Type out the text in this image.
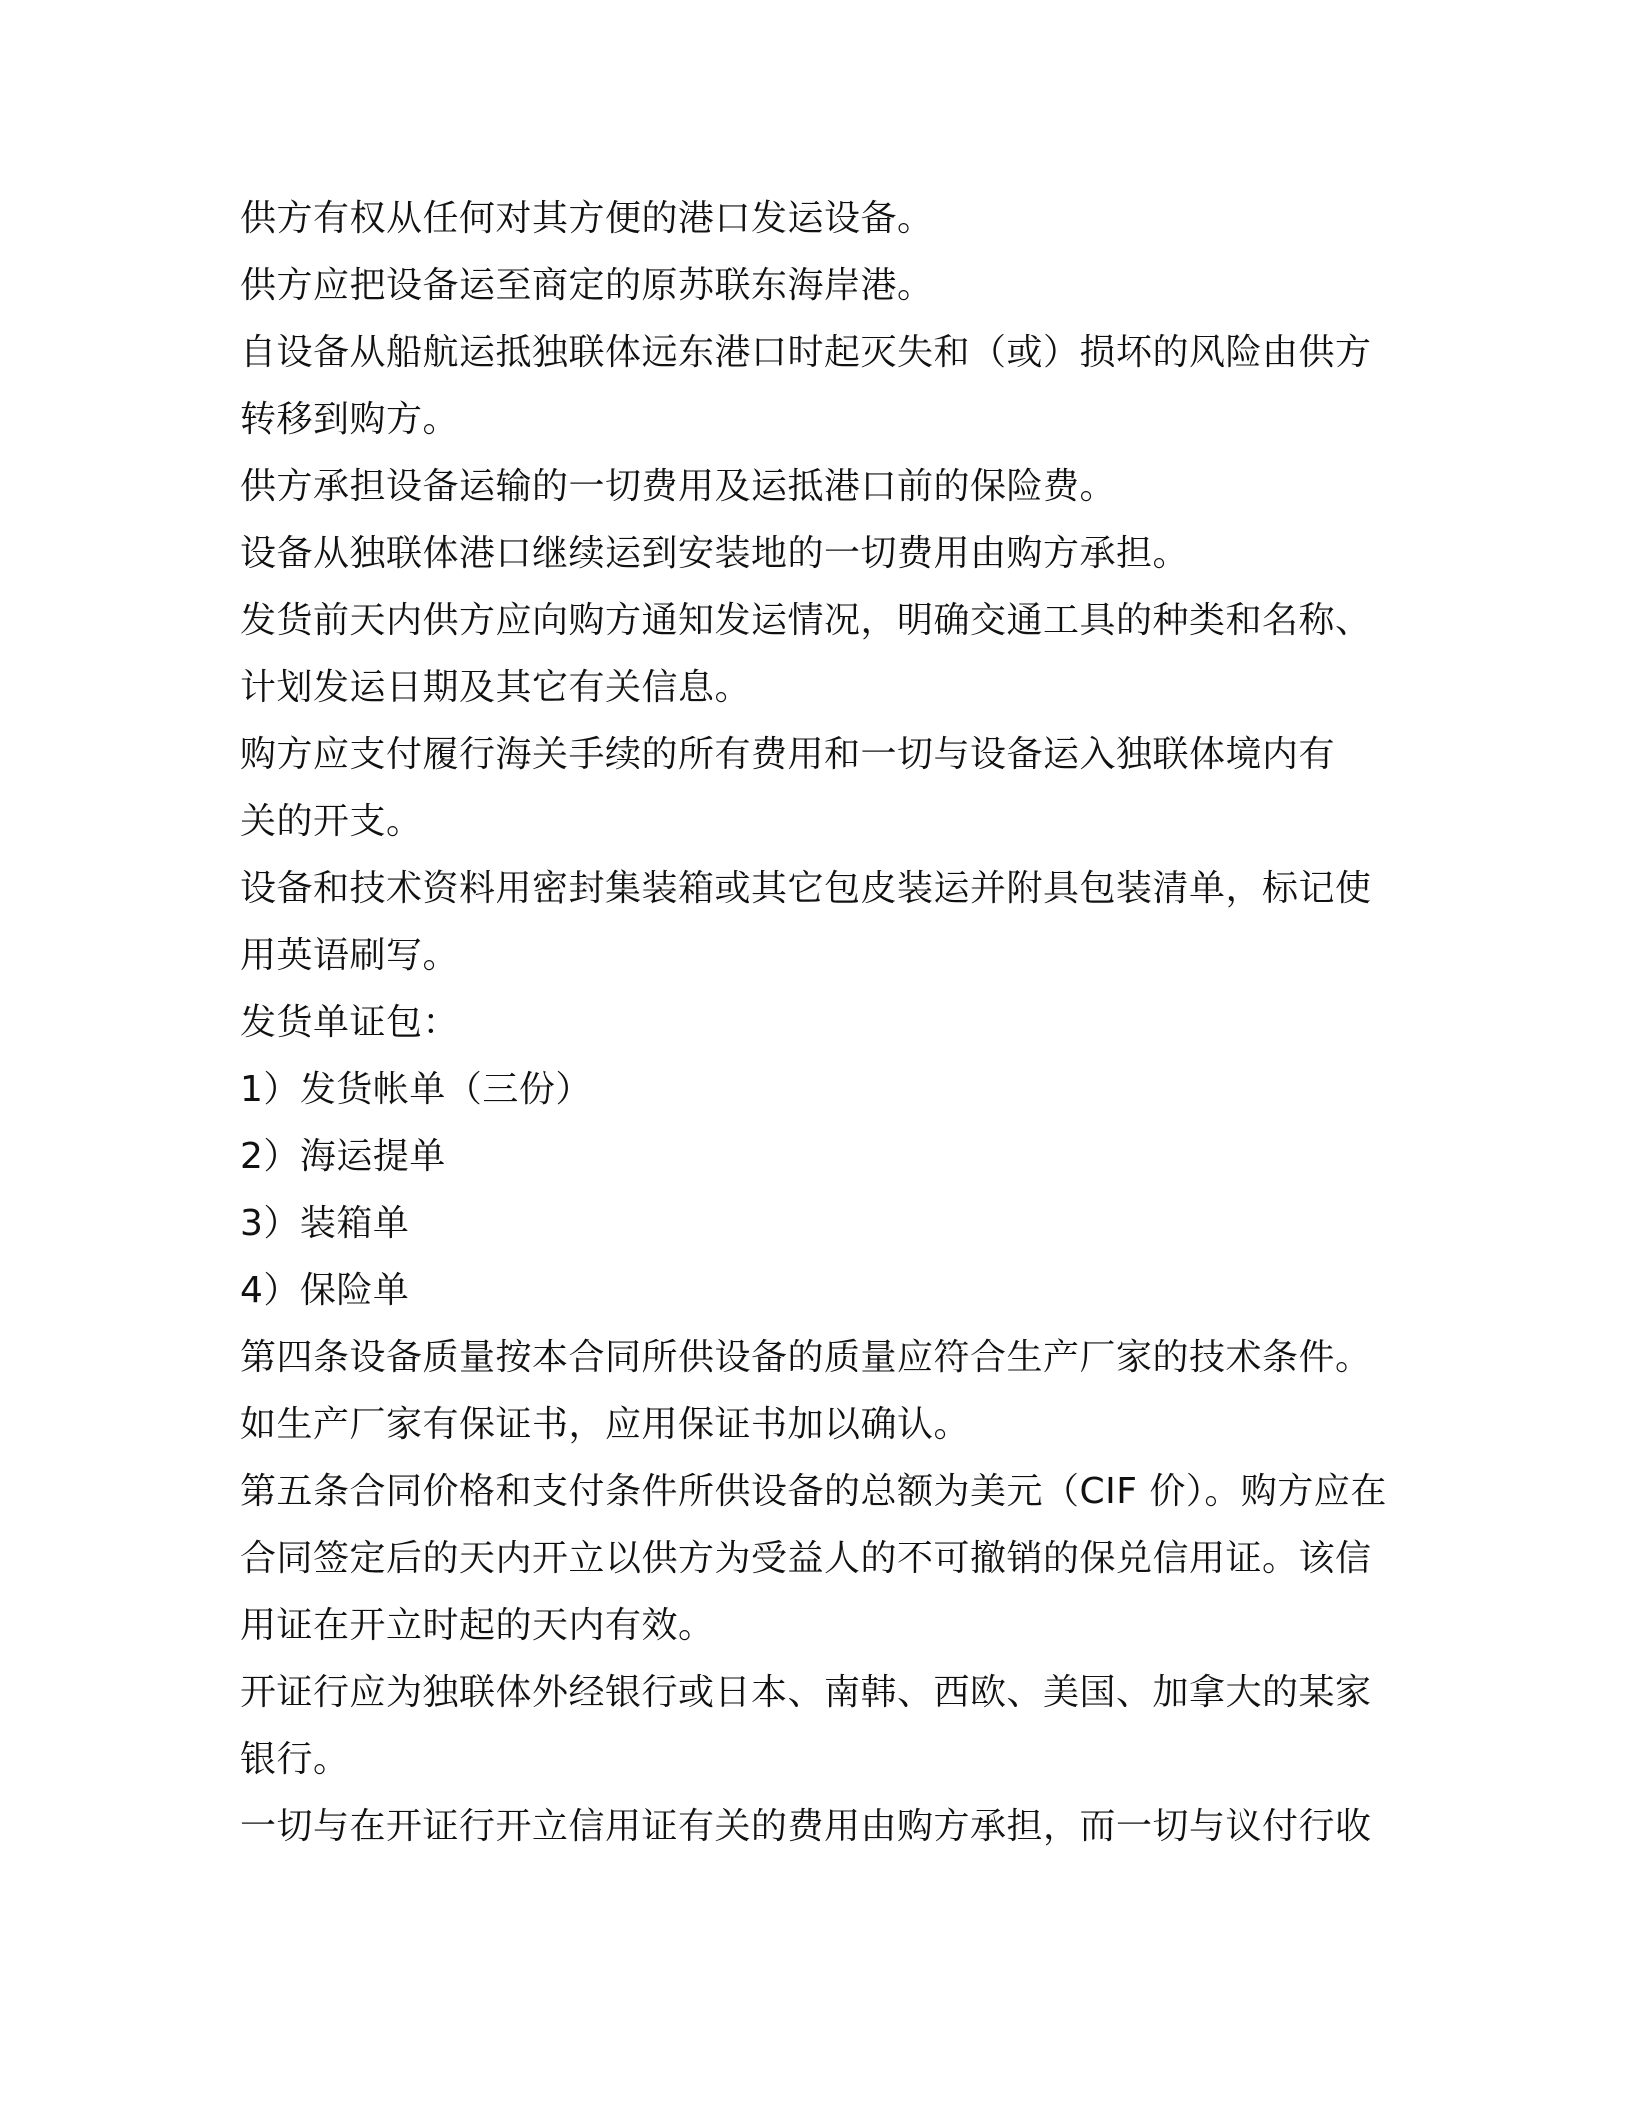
供方有权从任何对其方便的港口发运设备。
供方应把设备运至商定的原苏联东海岸港。
自设备从船航运抵独联体远东港口时起灭失和（或）损坏的风险由供方
转移到购方。
供方承担设备运输的一切费用及运抵港口前的保险费。
设备从独联体港口继续运到安装地的一切费用由购方承担。
发货前天内供方应向购方通知发运情况，明确交通工具的种类和名称、
计划发运日期及其它有关信息。
购方应支付履行海关手续的所有费用和一切与设备运入独联体境内有
关的开支。
设备和技术资料用密封集装箱或其它包皮装运并附具包装清单，标记使
用英语刷写。
发货单证包：
1）发货帐单（三份）
2）海运提单
3）装箱单
4）保险单
第四条设备质量按本合同所供设备的质量应符合生产厂家的技术条件。
如生产厂家有保证书，应用保证书加以确认。
第五条合同价格和支付条件所供设备的总额为美元（CIF 价）。购方应在
合同签定后的天内开立以供方为受益人的不可撤销的保兑信用证。该信
用证在开立时起的天内有效。
开证行应为独联体外经银行或日本、南韩、西欧、美国、加拿大的某家
银行。
一切与在开证行开立信用证有关的费用由购方承担，而一切与议付行收
